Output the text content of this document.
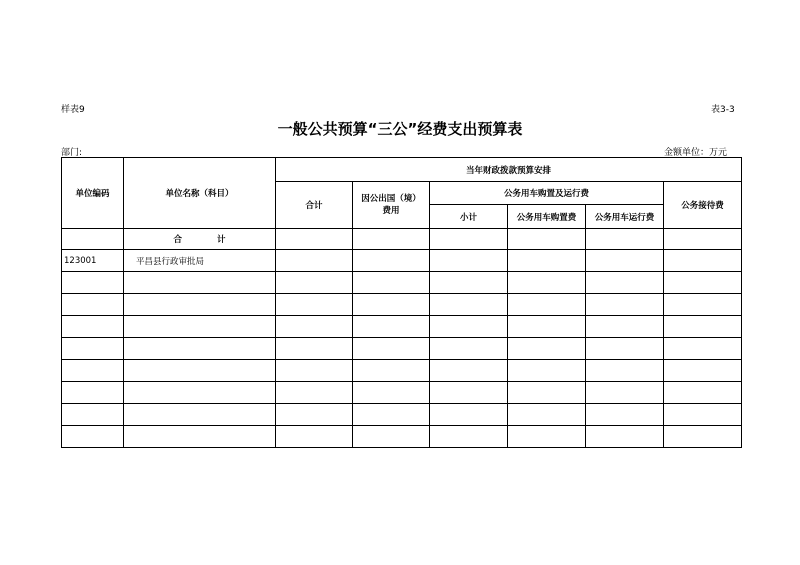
样表9	表3-3
一般公共预算“三公”经费支出预算表
部门:	金额单位：万元
单位编码	单位名称（科目）	当年财政拨款预算安排					
		合计	因公出国（境）费用	公务用车购置及运行费			公务接待费
				小计	公务用车购置费	公务用车运行费	
	合 计						
123001	平昌县行政审批局						
